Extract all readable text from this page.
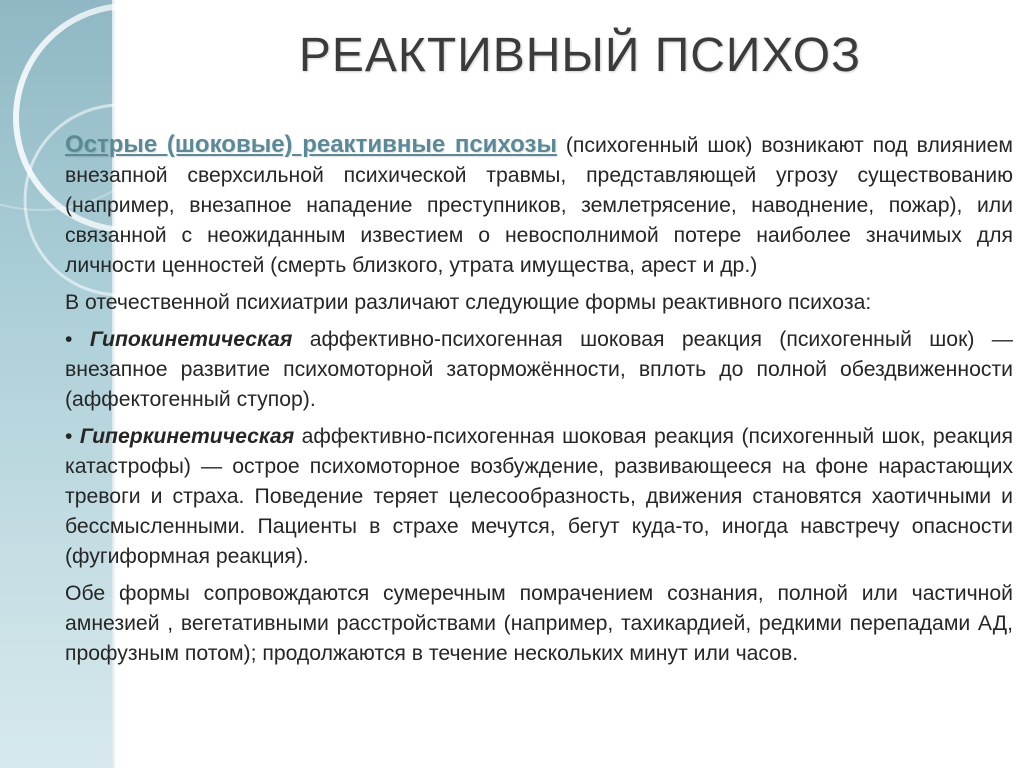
РЕАКТИВНЫЙ ПСИХОЗ

Острые (шоковые) реактивные психозы (психогенный шок) возникают под влиянием внезапной сверхсильной психической травмы, представляющей угрозу существованию (например, внезапное нападение преступников, землетрясение, наводнение, пожар), или связанной с неожиданным известием о невосполнимой потере наиболее значимых для личности ценностей (смерть близкого, утрата имущества, арест и др.)

В отечественной психиатрии различают следующие формы реактивного психоза:

• Гипокинетическая аффективно-психогенная шоковая реакция (психогенный шок) — внезапное развитие психомоторной заторможённости, вплоть до полной обездвиженности (аффектогенный ступор).

• Гиперкинетическая аффективно-психогенная шоковая реакция (психогенный шок, реакция катастрофы) — острое психомоторное возбуждение, развивающееся на фоне нарастающих тревоги и страха. Поведение теряет целесообразность, движения становятся хаотичными и бессмысленными. Пациенты в страхе мечутся, бегут куда-то, иногда навстречу опасности (фугиформная реакция).

Обе формы сопровождаются сумеречным помрачением сознания, полной или частичной амнезией , вегетативными расстройствами (например, тахикардией, редкими перепадами АД, профузным потом); продолжаются в течение нескольких минут или часов.
